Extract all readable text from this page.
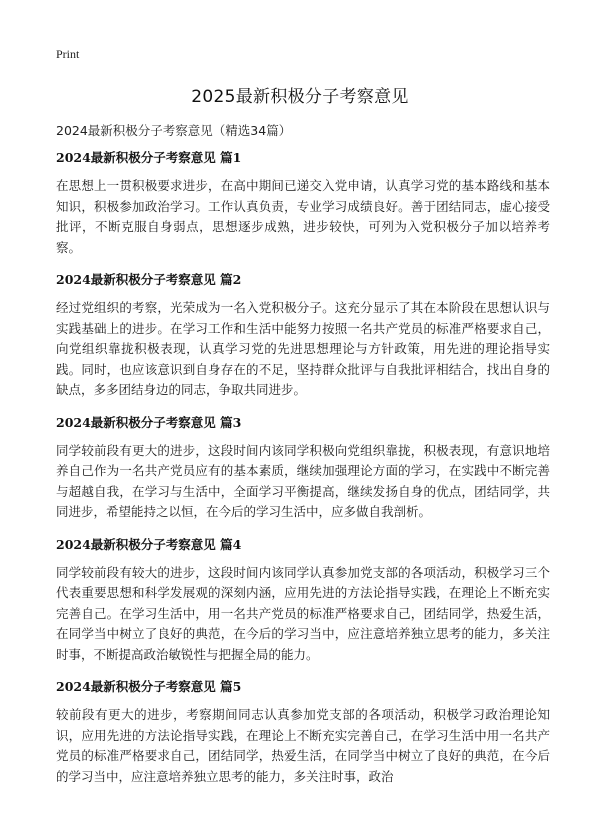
Print
2025最新积极分子考察意见
2024最新积极分子考察意见（精选34篇）
2024最新积极分子考察意见 篇1

在思想上一贯积极要求进步，在高中期间已递交入党申请，认真学习党的基本路线和基本知识，积极参加政治学习。工作认真负责，专业学习成绩良好。善于团结同志，虚心接受批评，不断克服自身弱点，思想逐步成熟，进步较快，可列为入党积极分子加以培养考察。

2024最新积极分子考察意见 篇2

经过党组织的考察，光荣成为一名入党积极分子。这充分显示了其在本阶段在思想认识与实践基础上的进步。在学习工作和生活中能努力按照一名共产党员的标准严格要求自己，向党组织靠拢积极表现，认真学习党的先进思想理论与方针政策，用先进的理论指导实践。同时，也应该意识到自身存在的不足，坚持群众批评与自我批评相结合，找出自身的缺点，多多团结身边的同志，争取共同进步。

2024最新积极分子考察意见 篇3

同学较前段有更大的进步，这段时间内该同学积极向党组织靠拢，积极表现，有意识地培养自己作为一名共产党员应有的基本素质，继续加强理论方面的学习，在实践中不断完善与超越自我，在学习与生活中，全面学习平衡提高，继续发扬自身的优点，团结同学，共同进步，希望能持之以恒，在今后的学习生活中，应多做自我剖析。

2024最新积极分子考察意见 篇4

同学较前段有较大的进步，这段时间内该同学认真参加党支部的各项活动，积极学习三个代表重要思想和科学发展观的深刻内涵，应用先进的方法论指导实践，在理论上不断充实完善自己。在学习生活中，用一名共产党员的标准严格要求自己，团结同学，热爱生活，在同学当中树立了良好的典范，在今后的学习当中，应注意培养独立思考的能力，多关注时事，不断提高政治敏锐性与把握全局的能力。

2024最新积极分子考察意见 篇5

较前段有更大的进步，考察期间同志认真参加党支部的各项活动，积极学习政治理论知识，应用先进的方法论指导实践，在理论上不断充实完善自己，在学习生活中用一名共产党员的标准严格要求自己，团结同学，热爱生活，在同学当中树立了良好的典范，在今后的学习当中，应注意培养独立思考的能力，多关注时事，政治
